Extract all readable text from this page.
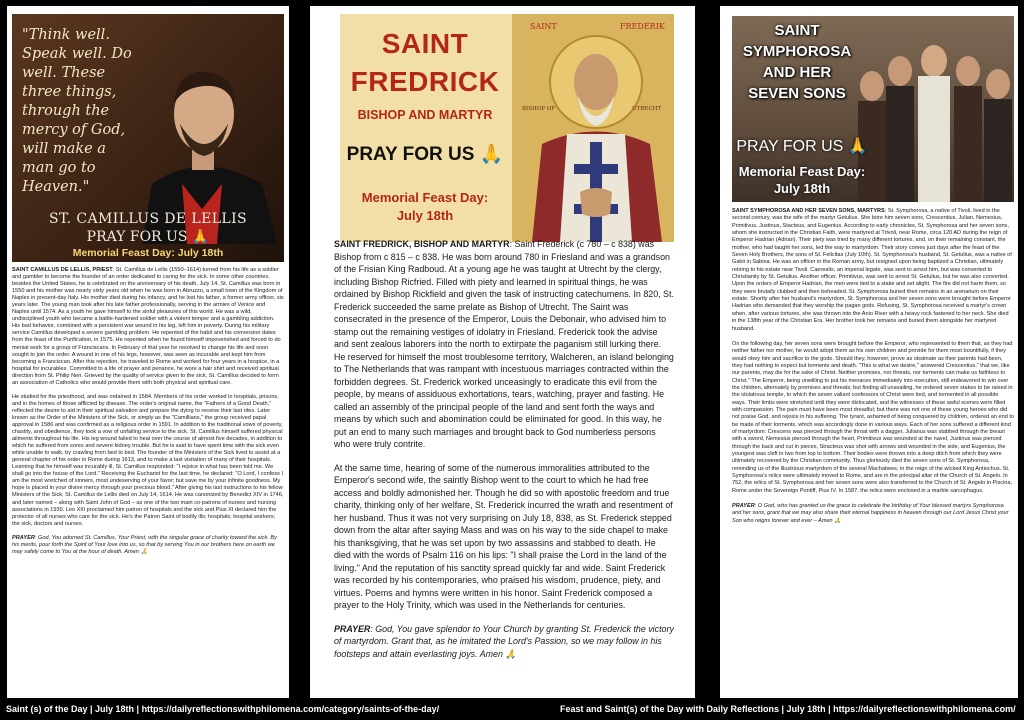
"Think well. Speak well. Do well. These three things, through the mercy of God, will make a man go to Heaven."
ST. CAMILLUS DE LELLIS
PRAY FOR US 🙏
Memorial Feast Day: July 18th

SAINT CAMILLUS DE LELLIS, PRIEST: St. Camillus de Lellis (1550–1614) turned from his life as a soldier and gambler to become the founder of an order dedicated to caring for the sick. In some other countries, besides the United States, he is celebrated on the anniversary of his death, July 14. St. Camillus was born in 1550 and his mother was nearly sixty years old when he was born in Abruzzo, a small town of the Kingdom of Naples in present-day Italy. His mother died during his infancy, and he lost his father, a former army officer, six years later. The young man took after his late father professionally, serving in the armies of Venice and Naples until 1574. As a youth he gave himself to the sinful pleasures of this world. He was a wild, undisciplined youth who became a battle-hardened soldier with a violent temper and a gambling addiction. His bad behavior, combined with a persistent war wound in his leg, left him in poverty. During his military service Camillus developed a severe gambling problem. He repented of the habit and his conversion dates from the feast of the Purification, in 1575. He repented when he found himself impoverished and forced to do menial work for a group of Franciscans. In February of that year he resolved to change his life and soon sought to join the order. A wound in one of his legs, however, was seen as incurable and kept him from becoming a Franciscan. After this rejection, he traveled to Rome and worked for four years in a hospice, in a hospital for incurables. Committed to a life of prayer and penance, he wore a hair shirt and received spiritual direction from St. Philip Neri. Grieved by the quality of service given to the sick, St. Camillus decided to form an association of Catholics who would provide them with both physical and spiritual care.

He studied for the priesthood, and was ordained in 1584. Members of his order worked in hospitals, prisons, and in the homes of those afflicted by disease. The order's original name, the "Fathers of a Good Death," reflected the desire to aid in their spiritual salvation and prepare the dying to receive their last rites. Later known as the Order of the Ministers of the Sick, or simply as the "Camillians," the group received papal approval in 1586 and was confirmed as a religious order in 1591. In addition to the traditional vows of poverty, chastity, and obedience, they took a vow of unfailing service to the sick. St. Camillus himself suffered physical ailments throughout his life. His leg wound failed to heal over the course of almost five decades, in addition to which he suffered from sores and severe kidney trouble. But he is said to have spent time with the sick even while unable to walk, by crawling from bed to bed. The founder of the Ministers of the Sick lived to assist at a general chapter of his order in Rome during 1613, and to make a last visitation of many of their hospitals. Learning that he himself was incurably ill, St. Camillus responded: "I rejoice in what has been told me. We shall go into the house of the Lord." Receiving the Eucharist for the last time, he declared: "O Lord, I confess I am the most wretched of sinners, most undeserving of your favor; but save me by your infinite goodness. My hope is placed in your divine mercy through your precious blood." After giving his last instructions to his fellow Ministers of the Sick, St. Camillus de Lellis died on July 14, 1614. He was canonized by Benedict XIV in 1746, and later named – along with Saint John of God – as one of the two main co-patrons of nurses and nursing associations in 1930. Leo XIII proclaimed him patron of hospitals and the sick and Pius XI declared him the protector of all nurses who care for the sick. He's the Patron Saint of bodily ills; hospitals; hospital workers; the sick, doctors and nurses.

PRAYER: God, You adorned St. Camillus, Your Priest, with the singular grace of charity toward the sick. By his merits, pour forth the Spirit of Your love into us, so that by serving You in our brothers here on earth we may safely come to You at the hour of death. Amen 🙏

SAINT
FREDRICK
BISHOP AND MARTYR
PRAY FOR US 🙏
Memorial Feast Day:
July 18th
SAINT	FREDERIK
BISHOP OF	UTRECHT

SAINT FREDRICK, BISHOP AND MARTYR: Saint Frederick (c 780 – c 838) was Bishop from c 815 – c 838. He was born around 780 in Friesland and was a grandson of the Frisian King Radboud. At a young age he was taught at Utrecht by the clergy, including Bishop Ricfried. Filled with piety and learned in spiritual things, he was ordained by Bishop Rickfield and given the task of instructing catechumens. In 820, St. Frederick succeeded the same prelate as Bishop of Utrecht. The Saint was consecrated in the presence of the Emperor, Louis the Debonair, who advised him to stamp out the remaining vestiges of idolatry in Friesland. Frederick took the advise and sent zealous laborers into the north to extirpate the paganism still lurking there. He reserved for himself the most troublesome territory, Walcheren, an island belonging to The Netherlands that was rampant with incestuous marriages contracted within the forbidden degrees. St. Frederick worked unceasingly to eradicate this evil from the people, by means of assiduous exhortations, tears, watching, prayer and fasting. He called an assembly of the principal people of the land and sent forth the ways and means by which such and abomination could be eliminated for good. In this way, he put an end to many such marriages and brought back to God numberless persons who were truly contrite.

At the same time, hearing of some of the numerous immoralities attributed to the Emperor's second wife, the saintly Bishop went to the court to which he had free access and boldly admonished her. Though he did so with apostolic freedom and true charity, thinking only of her welfare, St. Frederick incurred the wrath and resentment of her husband. Thus it was not very surprising on July 18, 838, as St. Frederick stepped down from the altar after saying Mass and was on his way to the side chapel to make his thanksgiving, that he was set upon by two assassins and stabbed to death. He died with the words of Psalm 116 on his lips: "I shall praise the Lord in the land of the living." And the reputation of his sanctity spread quickly far and wide. Saint Frederick was recorded by his contemporaries, who praised his wisdom, prudence, piety, and virtues. Poems and hymns were written in his honor. Saint Frederick composed a prayer to the Holy Trinity, which was used in the Netherlands for centuries.

PRAYER: God, You gave splendor to Your Church by granting St. Frederick the victory of martyrdom. Grant that, as he imitated the Lord's Passion, so we may follow in his footsteps and attain everlasting joys. Amen 🙏

SAINT
SYMPHOROSA
AND HER
SEVEN SONS
PRAY FOR US 🙏
Memorial Feast Day:
July 18th

SAINT SYMPHOROSA AND HER SEVEN SONS, MARTYRS: St. Symphorosa, a native of Tivoli, lived in the second century, was the wife of the martyr Getulius. She bore him seven sons, Crescentius, Julian, Nemesius, Primitivus, Justinus, Stacteus, and Eugenius. According to early chronicles, St. Symphorosa and her seven sons, whom she instructed in the Christian Faith, were martyred at Trivoli, near Rome, circa 120 AD during the reign of Emperor Hadrian (Adrian). Their piety was tried by many different tortures, and, on their remaining constant, the mother, who had taught her sons, led the way to martyrdom. Their story comes just days after the feast of the Seven Holy Brothers, the sons of St. Felicitas (July 10th). St. Symphorosa's husband, St. Getulius, was a native of Gabii in Sabina. He was an officer in the Roman army, but resigned upon being baptized a Christian, ultimately retiring to his estate near Tivoli. Caerealis, an imperial legate, was sent to arrest him, but was converted to Christianity by St. Getulius. Another officer, Primitivus, was sent to arrest St. Getulius, but he was also converted. Upon the orders of Emperor Hadrian, the men were tied to a stake and set alight. The fire did not harm them, so they were brutally clubbed and then beheaded. St. Symphorosa buried their remains in an arenarium on their estate. Shortly after her husband's martyrdom, St. Symphorosa and her seven sons were brought before Emperor Hadrian who demanded that they worship the pagan gods. Refusing, St. Symphorosa received a martyr's crown when, after various tortures, she was thrown into the Anio River with a heavy rock fastened to her neck. She died in the 138th year of the Christian Era. Her brother took her remains and buried them alongside her martyred husband.

On the following day, her seven sons were brought before the Emperor, who represented to them that, as they had neither father nor mother, he would adopt them as his own children and provide for them most bountifully, if they would obey him and sacrifice to the gods. Should they, however, prove as obstinate as their parents had been, they had nothing to expect but torments and death. "This is what we desire," answered Crescentius," that we, like our parents, may die for the sake of Christ. Neither promises, nor threats, nor torments can make us faithless to Christ." The Emperor, being unwilling to put his menaces immediately into execution, still endeavored to win over the children, alternately by promises and threats; but finding all unavailing, he ordered seven stakes to be raised in the idolatrous temple, to which the seven valiant confessors of Christ were tied, and tormented in all possible ways. Their limbs were stretched until they were dislocated, and the witnesses of these awful scenes were filled with compassion. The pain must have been most dreadful; but there was not one of these young heroes who did not praise God, and rejoice in his suffering. The tyrant, ashamed of being conquered by children, ordered an end to be made of their torments, which was accordingly done in various ways. Each of her sons suffered a different kind of martyrdom: Crescens was pierced through the throat with a dagger, Julianus was stabbed through the breast with a sword, Nemesius pierced through the heart, Primitivus was wounded at the navel, Justinus was pierced through the back and cut in pieces, Stracteus was shot with arrows and wounded in the side, and Eugenius, the youngest was cleft in two from top to bottom. Their bodies were thrown into a deep ditch from which they were ultimately recovered by the Christian community. Thus gloriously died the seven sons of St. Symphorosa, reminding us of the illustrious martyrdom of the several Machabees, in the reign of the wicked King Antiochus. St. Symphorosa's relics were ultimately moved to Rome, and are in the principal altar of the Church of St. Angelo. In 752, the relics of St. Symphorosa and her seven sons were also transferred to the Church of St. Angelo in Piscina, Rome under the Sovereign Pontiff, Pius IV. In 1587, the relics were enclosed in a marble sarcophagus.

PRAYER: O God, who has granted us the grace to celebrate the birthday of Your blessed martyrs Symphorosa and her sons, grant that we may also share their eternal happiness in heaven through our Lord Jesus Christ your Son who reigns forever and ever – Amen 🙏

Saint (s) of the Day | July 18th | https://dailyreflectionswithphilomena.com/category/saints-of-the-day/	Feast and Saint(s) of the Day with Daily Reflections | July 18th | https://dailyreflectionswithphilomena.com/
